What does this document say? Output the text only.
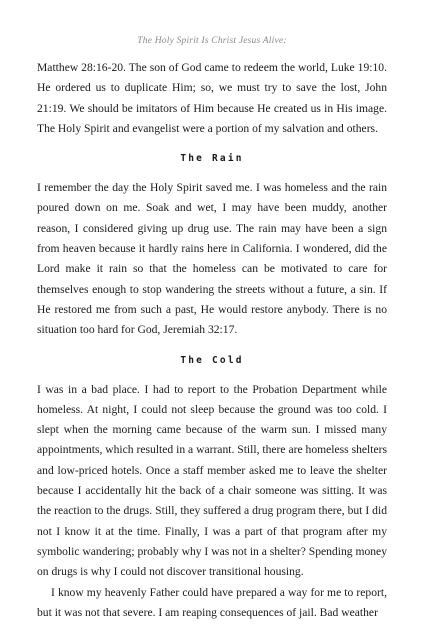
The Holy Spirit Is Christ Jesus Alive:

Matthew 28:16-20. The son of God came to redeem the world, Luke 19:10. He ordered us to duplicate Him; so, we must try to save the lost, John 21:19. We should be imitators of Him because He created us in His image. The Holy Spirit and evangelist were a portion of my salvation and others.

The Rain

I remember the day the Holy Spirit saved me. I was homeless and the rain poured down on me. Soak and wet, I may have been muddy, another reason, I considered giving up drug use. The rain may have been a sign from heaven because it hardly rains here in California. I wondered, did the Lord make it rain so that the homeless can be motivated to care for themselves enough to stop wandering the streets without a future, a sin. If He restored me from such a past, He would restore anybody. There is no situation too hard for God, Jeremiah 32:17.

The Cold

I was in a bad place. I had to report to the Probation Department while homeless. At night, I could not sleep because the ground was too cold. I slept when the morning came because of the warm sun. I missed many appointments, which resulted in a warrant. Still, there are homeless shelters and low-priced hotels. Once a staff member asked me to leave the shelter because I accidentally hit the back of a chair someone was sitting. It was the reaction to the drugs. Still, they suffered a drug program there, but I did not I know it at the time. Finally, I was a part of that program after my symbolic wandering; probably why I was not in a shelter? Spending money on drugs is why I could not discover transitional housing.

I know my heavenly Father could have prepared a way for me to report, but it was not that severe. I am reaping consequences of jail. Bad weather
